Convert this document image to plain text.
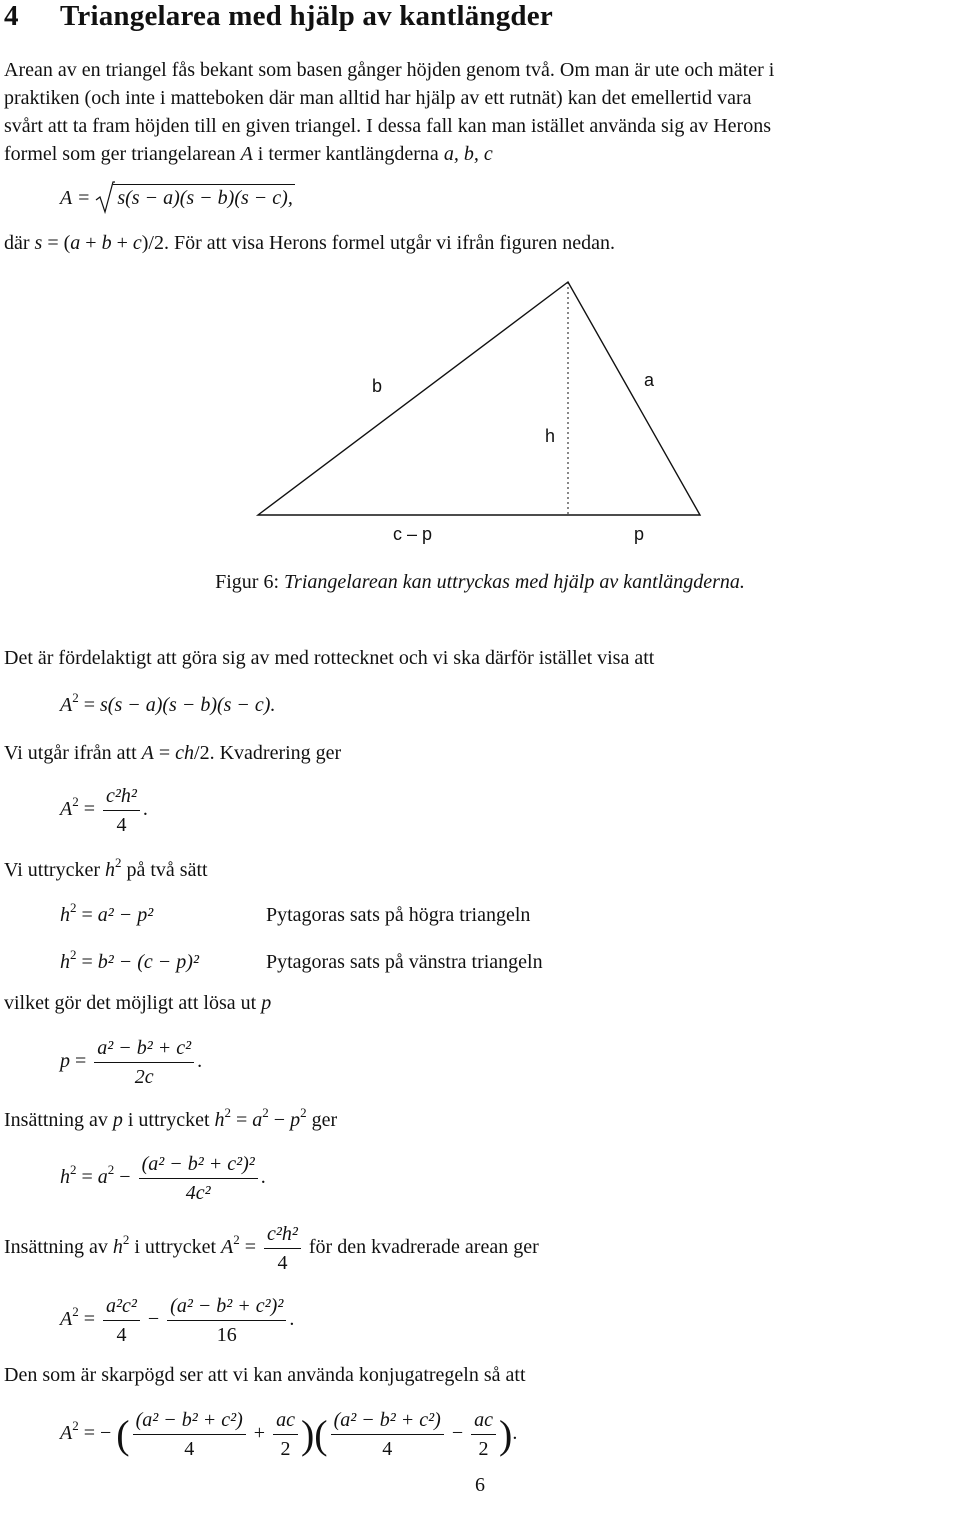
4 Triangelarea med hjälp av kantlängder
Arean av en triangel fås bekant som basen gånger höjden genom två. Om man är ute och mäter i
praktiken (och inte i matteboken där man alltid har hjälp av ett rutnät) kan det emellertid vara
svårt att ta fram höjden till en given triangel. I dessa fall kan man istället använda sig av Herons
formel som ger triangelarean A i termer kantlängderna a, b, c
A = s(s − a)(s − b)(s − c),
där s = (a + b + c)/2. För att visa Herons formel utgår vi ifrån figuren nedan.
b	a
h
c – p	p
Figur 6: Triangelarean kan uttryckas med hjälp av kantlängderna.
Det är fördelaktigt att göra sig av med rottecknet och vi ska därför istället visa att
$A^2 = s(s - a)(s - b)(s - c)$.
Vi utgår ifrån att A = ch/2. Kvadrering ger
$A^2 = \frac{\text{c²h²}}{4}$ .
Vi uttrycker $h^2$ på två sätt
$h^2 = a^2 - p^2$	Pytagoras sats på högra triangeln
$h^2 = b^2 - (c - p)^2$	Pytagoras sats på vänstra triangeln
vilket gör det möjligt att lösa ut p
$p = \frac{\text{a² − b² + c²}}{2c}$ .
Insättning av p i uttrycket $h^2 = a^2 - p^2$ ger
$h^2 = a^2 - \frac{\text{(a² − b² + c²)²}}{\text{4c²}}$ .
Insättning av $h^2$ i uttrycket $A^2 = \frac{\text{c²h²}}{4}$ för den kvadrerade arean ger
$A^2 = \frac{\text{a²c²}}{4} - \frac{\text{(a² − b² + c²)²}}{16}$ .
Den som är skarpögd ser att vi kan använda konjugatregeln så att
$A^2$ = − ( $\frac{\text{(a² − b² + c²)}}{4} + \frac{ac}{2}$ )( $\frac{\text{(a² − b² + c²)}}{4} - \frac{ac}{2}$ ).
6
